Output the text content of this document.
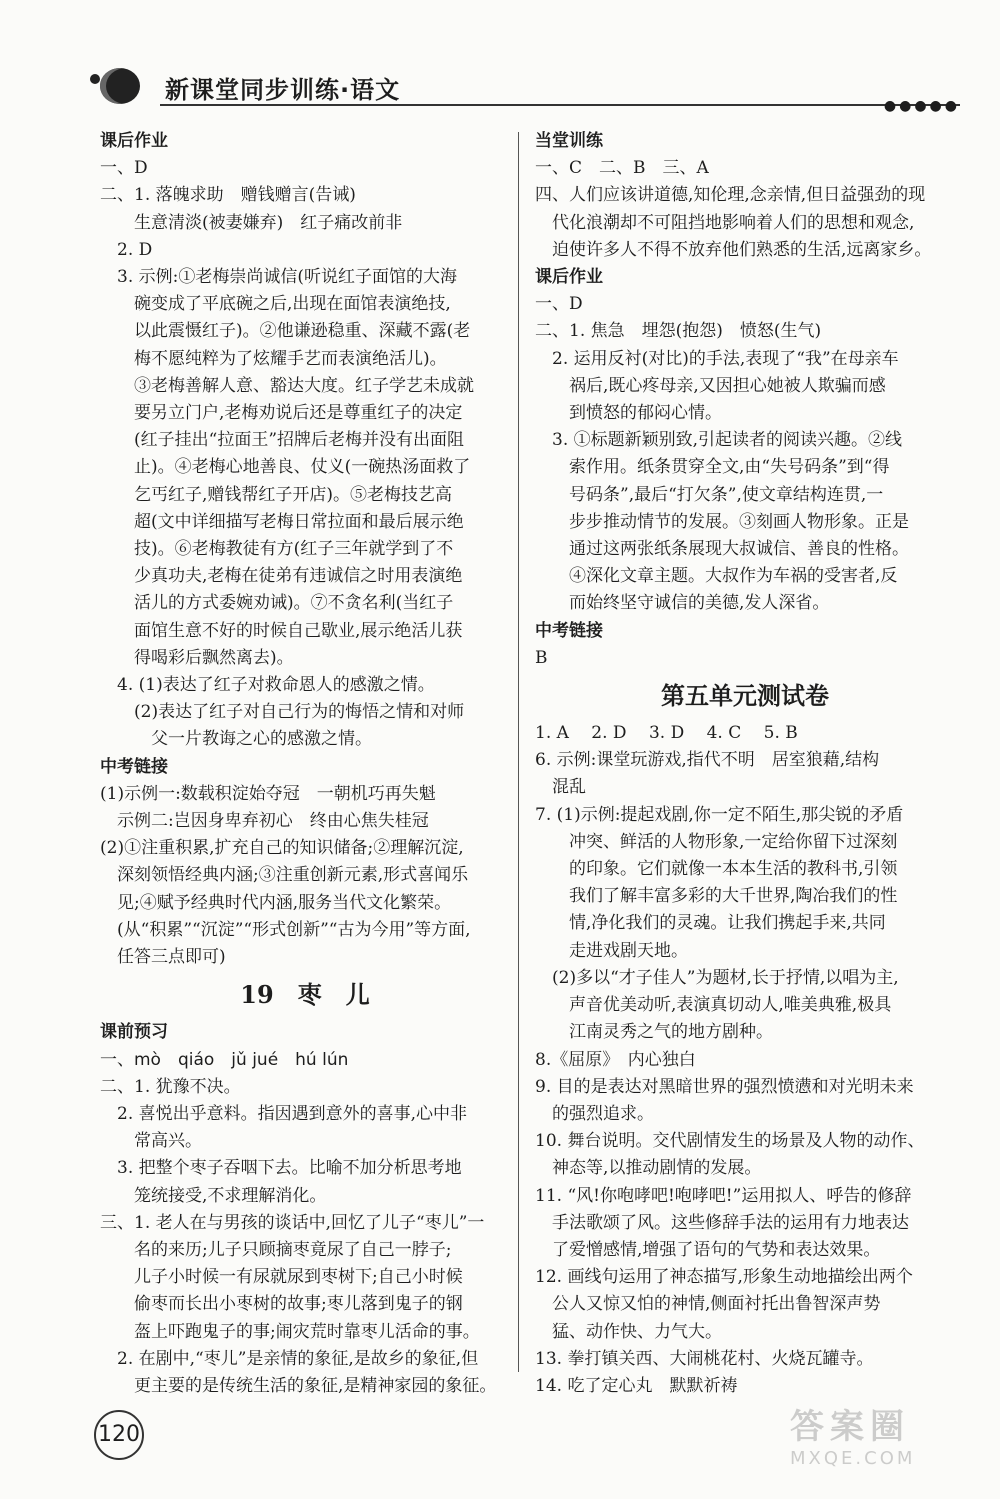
新课堂同步训练·语文
●●●●●
课后作业
一、D
二、1. 落魄求助　赠钱赠言(告诫)
　　生意清淡(被妻嫌弃)　红子痛改前非
　2. D
　3. 示例:①老梅崇尚诚信(听说红子面馆的大海
　　碗变成了平底碗之后,出现在面馆表演绝技,
　　以此震慑红子)。②他谦逊稳重、深藏不露(老
　　梅不愿纯粹为了炫耀手艺而表演绝活儿)。
　　③老梅善解人意、豁达大度。红子学艺未成就
　　要另立门户,老梅劝说后还是尊重红子的决定
　　(红子挂出“拉面王”招牌后老梅并没有出面阻
　　止)。④老梅心地善良、仗义(一碗热汤面救了
　　乞丐红子,赠钱帮红子开店)。⑤老梅技艺高
　　超(文中详细描写老梅日常拉面和最后展示绝
　　技)。⑥老梅教徒有方(红子三年就学到了不
　　少真功夫,老梅在徒弟有违诚信之时用表演绝
　　活儿的方式委婉劝诫)。⑦不贪名利(当红子
　　面馆生意不好的时候自己歇业,展示绝活儿获
　　得喝彩后飘然离去)。
　4. (1)表达了红子对救命恩人的感激之情。
　　(2)表达了红子对自己行为的悔悟之情和对师
　　　父一片教诲之心的感激之情。
中考链接
(1)示例一:数载积淀始夺冠　一朝机巧再失魁
　示例二:岂因身卑弃初心　终由心焦失桂冠
(2)①注重积累,扩充自己的知识储备;②理解沉淀,
　深刻领悟经典内涵;③注重创新元素,形式喜闻乐
　见;④赋予经典时代内涵,服务当代文化繁荣。
　(从“积累”“沉淀”“形式创新”“古为今用”等方面,
　任答三点即可)
19　枣　儿
课前预习
一、mò　qiáo　jǔ jué　hú lún
二、1. 犹豫不决。
　2. 喜悦出乎意料。指因遇到意外的喜事,心中非
　　常高兴。
　3. 把整个枣子吞咽下去。比喻不加分析思考地
　　笼统接受,不求理解消化。
三、1. 老人在与男孩的谈话中,回忆了儿子“枣儿”一
　　名的来历;儿子只顾摘枣竟尿了自己一脖子;
　　儿子小时候一有尿就尿到枣树下;自己小时候
　　偷枣而长出小枣树的故事;枣儿落到鬼子的钢
　　盔上吓跑鬼子的事;闹灾荒时靠枣儿活命的事。
　2. 在剧中,“枣儿”是亲情的象征,是故乡的象征,但
　　更主要的是传统生活的象征,是精神家园的象征。
当堂训练
一、C　二、B　三、A
四、人们应该讲道德,知伦理,念亲情,但日益强劲的现
　代化浪潮却不可阻挡地影响着人们的思想和观念,
　迫使许多人不得不放弃他们熟悉的生活,远离家乡。
课后作业
一、D
二、1. 焦急　埋怨(抱怨)　愤怒(生气)
　2. 运用反衬(对比)的手法,表现了“我”在母亲车
　　祸后,既心疼母亲,又因担心她被人欺骗而感
　　到愤怒的郁闷心情。
　3. ①标题新颖别致,引起读者的阅读兴趣。②线
　　索作用。纸条贯穿全文,由“失号码条”到“得
　　号码条”,最后“打欠条”,使文章结构连贯,一
　　步步推动情节的发展。③刻画人物形象。正是
　　通过这两张纸条展现大叔诚信、善良的性格。
　　④深化文章主题。大叔作为车祸的受害者,反
　　而始终坚守诚信的美德,发人深省。
中考链接
B
第五单元测试卷
1. A　 2. D　 3. D　 4. C　 5. B
6. 示例:课堂玩游戏,指代不明　居室狼藉,结构
　混乱
7. (1)示例:提起戏剧,你一定不陌生,那尖锐的矛盾
　　冲突、鲜活的人物形象,一定给你留下过深刻
　　的印象。它们就像一本本生活的教科书,引领
　　我们了解丰富多彩的大千世界,陶冶我们的性
　　情,净化我们的灵魂。让我们携起手来,共同
　　走进戏剧天地。
　(2)多以“才子佳人”为题材,长于抒情,以唱为主,
　　声音优美动听,表演真切动人,唯美典雅,极具
　　江南灵秀之气的地方剧种。
8.《屈原》　内心独白
9. 目的是表达对黑暗世界的强烈愤懑和对光明未来
　的强烈追求。
10. 舞台说明。交代剧情发生的场景及人物的动作、
　神态等,以推动剧情的发展。
11. “风!你咆哮吧!咆哮吧!”运用拟人、呼告的修辞
　手法歌颂了风。这些修辞手法的运用有力地表达
　了爱憎感情,增强了语句的气势和表达效果。
12. 画线句运用了神态描写,形象生动地描绘出两个
　公人又惊又怕的神情,侧面衬托出鲁智深声势
　猛、动作快、力气大。
13. 拳打镇关西、大闹桃花村、火烧瓦罐寺。
14. 吃了定心丸　默默祈祷
120	答案圈
MXQE.COM
